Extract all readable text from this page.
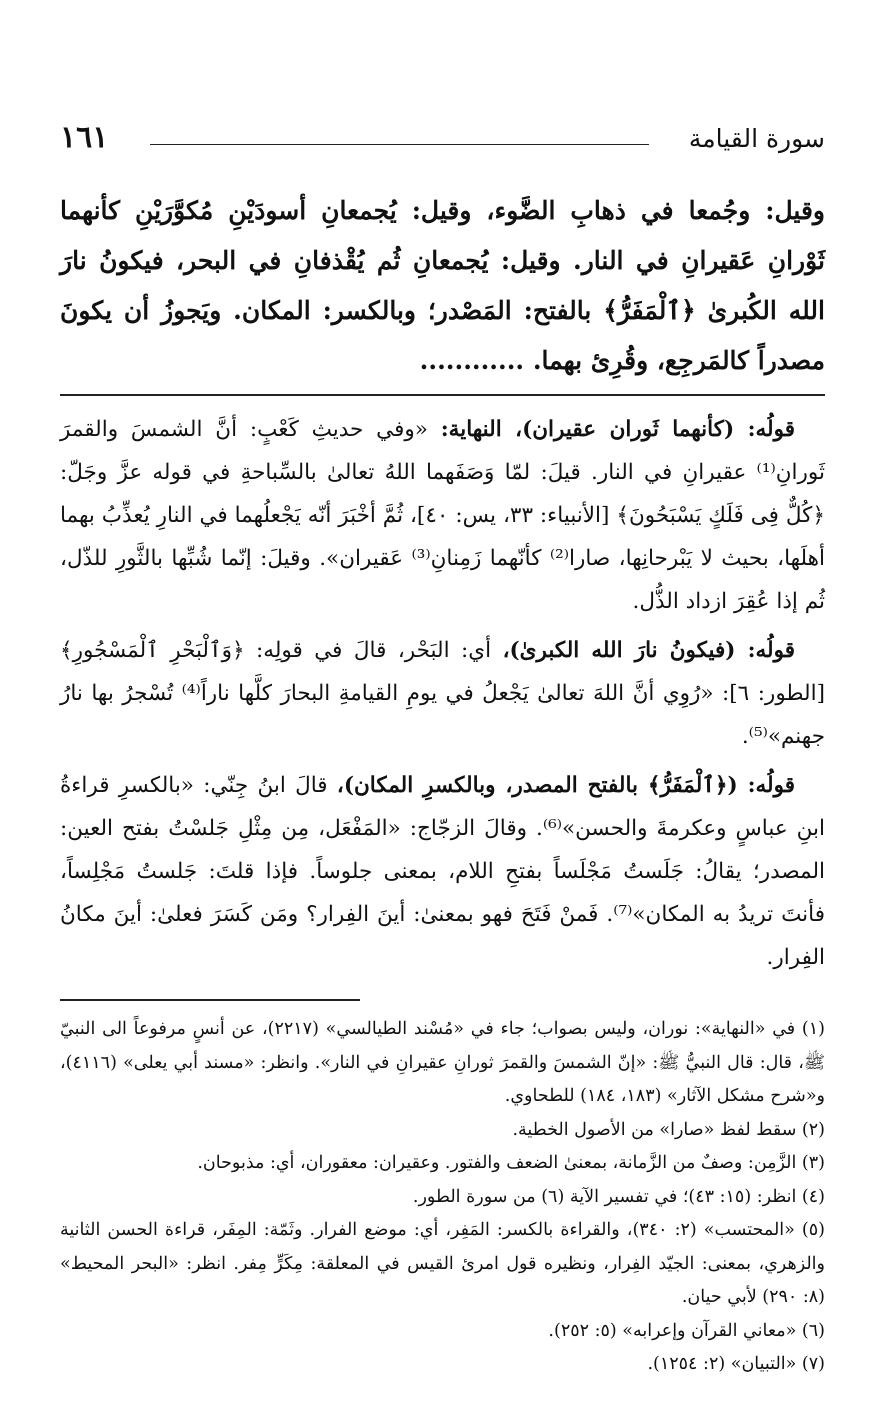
سورة القيامة
١٦١
وقيل: وجُمعا في ذهابِ الضَّوء، وقيل: يُجمعانِ أسودَيْنِ مُكوَّرَيْنِ كأنهما ثَوْرانِ عَقيرانِ في النار. وقيل: يُجمعانِ ثُم يُقْذفانِ في البحر، فيكونُ نارَ الله الكُبرىٰ ﴿ٱلْمَفَرُّ﴾ بالفتح: المَصْدر؛ وبالكسر: المكان. ويَجوزُ أن يكونَ مصدراً كالمَرجِع، وقُرِئ بهما. ............

قولُه: (كأنهما ثَوران عقيران)، النهاية: «وفي حديثِ كَعْبٍ: أنَّ الشمسَ والقمرَ ثَورانِ⁽¹⁾ عقيرانِ في النار. قيلَ: لمّا وَصَفَهما اللهُ تعالىٰ بالسِّباحةِ في قوله عزَّ وجَلّ: ﴿كُلٌّ فِى فَلَكٍ يَسْبَحُونَ﴾ [الأنبياء: ٣٣، يس: ٤٠]، ثُمَّ أخْبَرَ أنّه يَجْعلُهما في النارِ يُعذِّبُ بهما أهلَها، بحيث لا يَبْرحانِها، صارا⁽²⁾ كأنّهما زَمِنانِ⁽³⁾ عَقيران». وقيلَ: إنّما شُبِّها بالثَّورِ للذّل، ثُم إذا عُقِرَ ازداد الذُّل.

قولُه: (فيكونُ نارَ الله الكبرىٰ)، أي: البَحْر، قالَ في قولِه: ﴿وَٱلْبَحْرِ ٱلْمَسْجُورِ﴾ [الطور: ٦]: «رُوِي أنَّ اللهَ تعالىٰ يَجْعلُ في يومِ القيامةِ البحارَ كلَّها ناراً⁽⁴⁾ تُسْجرُ بها نارُ جهنم»⁽⁵⁾.

قولُه: (﴿ٱلْمَفَرُّ﴾ بالفتح المصدر، وبالكسرِ المكان)، قالَ ابنُ جِنّي: «بالكسرِ قراءةُ ابنِ عباسٍ وعكرمةَ والحسن»⁽⁶⁾. وقالَ الزجّاج: «المَفْعَل، مِن مِثْلِ جَلسْتُ بفتح العين: المصدر؛ يقالُ: جَلَستُ مَجْلَساً بفتحِ اللام، بمعنى جلوساً. فإذا قلتَ: جَلستُ مَجْلِساً، فأنتَ تريدُ به المكان»⁽⁷⁾. فَمنْ فَتَحَ فهو بمعنىٰ: أينَ الفِرار؟ ومَن كَسَرَ فعلىٰ: أينَ مكانُ الفِرار.

(١) في «النهاية»: نوران، وليس بصواب؛ جاء في «مُسْند الطيالسي» (٢٢١٧)، عن أنسٍ مرفوعاً الى النبيّ ﷺ، قال: قال النبيُّ ﷺ: «إنّ الشمسَ والقمرَ ثورانِ عقيرانِ في النار». وانظر: «مسند أبي يعلى» (٤١١٦)، و«شرح مشكل الآثار» (١٨٣، ١٨٤) للطحاوي.

(٢) سقط لفظ «صارا» من الأصول الخطية.

(٣) الزَّمِن: وصفٌ من الزَّمانة، بمعنىٰ الضعف والفتور. وعقيران: معقوران، أي: مذبوحان.

(٤) انظر: (١٥: ٤٣)؛ في تفسير الآية (٦) من سورة الطور.

(٥) «المحتسب» (٢: ٣٤٠)، والقراءة بالكسر: المَفِر، أي: موضع الفرار. وثَمّة: المِفَر، قراءة الحسن الثانية والزهري، بمعنى: الجيّد الفِرار، ونظيره قول امرئ القيس في المعلقة: مِكَرٍّ مِفر. انظر: «البحر المحيط» (٨: ٢٩٠) لأبي حيان.

(٦) «معاني القرآن وإعرابه» (٥: ٢٥٢).

(٧) «التبيان» (٢: ١٢٥٤).
